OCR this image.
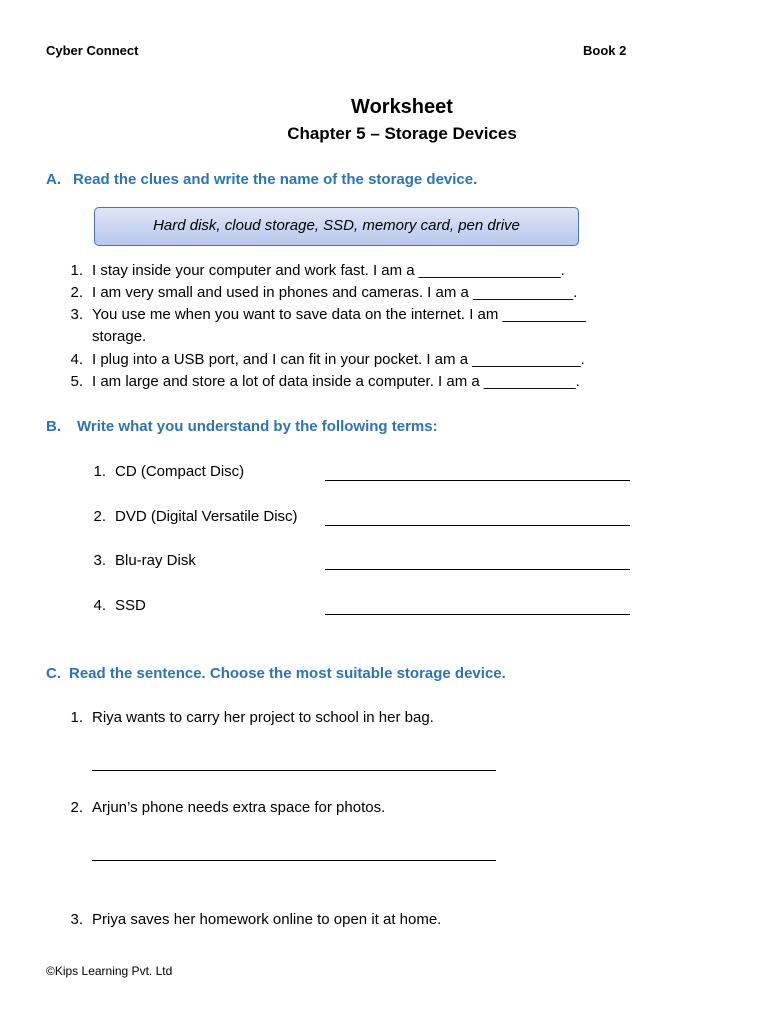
Cyber Connect	Book 2
Worksheet
Chapter 5 – Storage Devices
A. Read the clues and write the name of the storage device.
Hard disk, cloud storage, SSD, memory card, pen drive
1. I stay inside your computer and work fast. I am a _________________.
2. I am very small and used in phones and cameras. I am a ____________.
3. You use me when you want to save data on the internet. I am __________
storage.
4. I plug into a USB port, and I can fit in your pocket. I am a _____________.
5. I am large and store a lot of data inside a computer. I am a ___________.
B. Write what you understand by the following terms:
1. CD (Compact Disc)
2. DVD (Digital Versatile Disc)
3. Blu-ray Disk
4. SSD
C. Read the sentence. Choose the most suitable storage device.
1. Riya wants to carry her project to school in her bag.
2. Arjun’s phone needs extra space for photos.
3. Priya saves her homework online to open it at home.
©Kips Learning Pvt. Ltd
